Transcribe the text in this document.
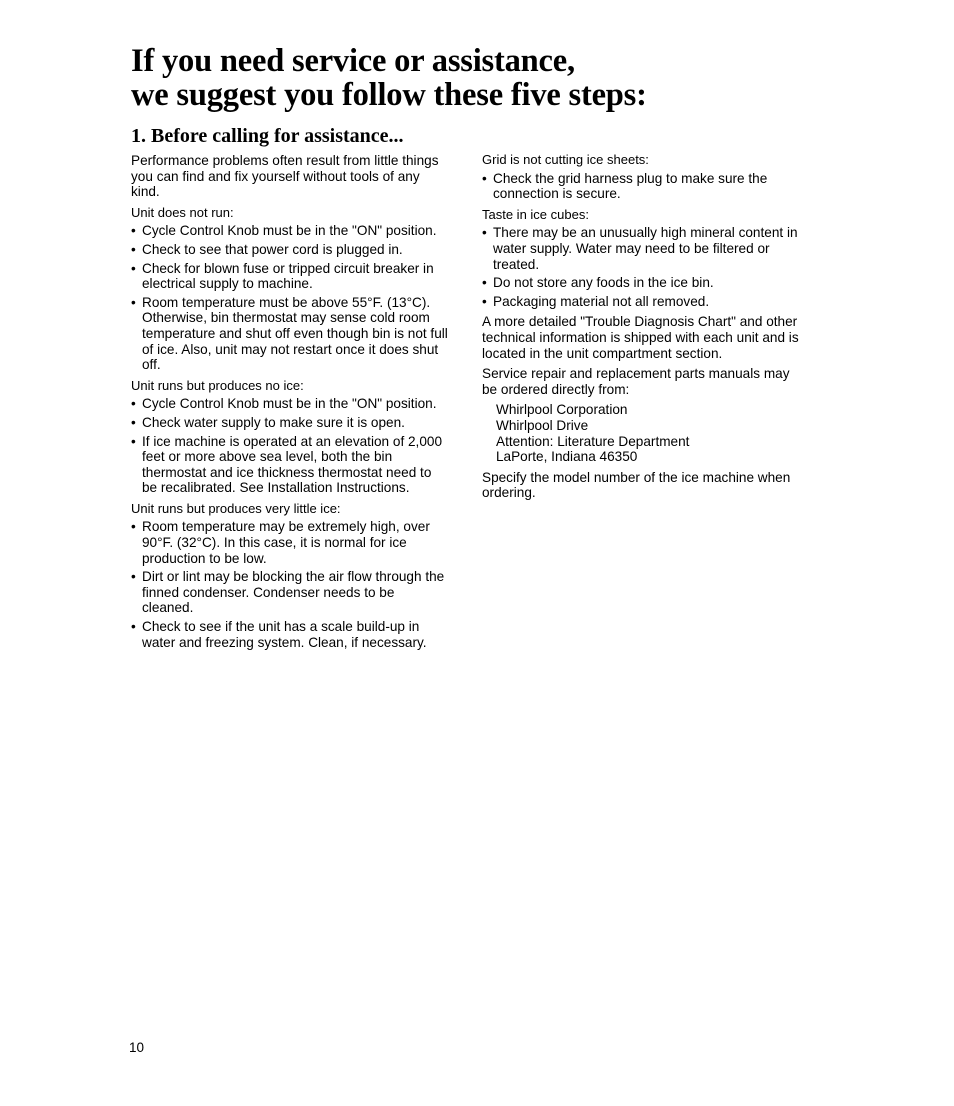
If you need service or assistance,
we suggest you follow these five steps:
1. Before calling for assistance...

Performance problems often result from little things you can find and fix yourself without tools of any kind.

Unit does not run:

• Cycle Control Knob must be in the "ON" position.
• Check to see that power cord is plugged in.
• Check for blown fuse or tripped circuit breaker in electrical supply to machine.
• Room temperature must be above 55°F. (13°C). Otherwise, bin thermostat may sense cold room temperature and shut off even though bin is not full of ice. Also, unit may not restart once it does shut off.

Unit runs but produces no ice:

• Cycle Control Knob must be in the "ON" position.
• Check water supply to make sure it is open.
• If ice machine is operated at an elevation of 2,000 feet or more above sea level, both the bin thermostat and ice thickness thermostat need to be recalibrated. See Installation Instructions.

Unit runs but produces very little ice:

• Room temperature may be extremely high, over 90°F. (32°C). In this case, it is normal for ice production to be low.
• Dirt or lint may be blocking the air flow through the finned condenser. Condenser needs to be cleaned.
• Check to see if the unit has a scale build-up in water and freezing system. Clean, if necessary.

Grid is not cutting ice sheets:

• Check the grid harness plug to make sure the connection is secure.

Taste in ice cubes:

• There may be an unusually high mineral content in water supply. Water may need to be filtered or treated.
• Do not store any foods in the ice bin.
• Packaging material not all removed.

A more detailed "Trouble Diagnosis Chart" and other technical information is shipped with each unit and is located in the unit compartment section.

Service repair and replacement parts manuals may be ordered directly from:

Whirlpool Corporation
Whirlpool Drive
Attention: Literature Department
LaPorte, Indiana 46350

Specify the model number of the ice machine when ordering.

10
